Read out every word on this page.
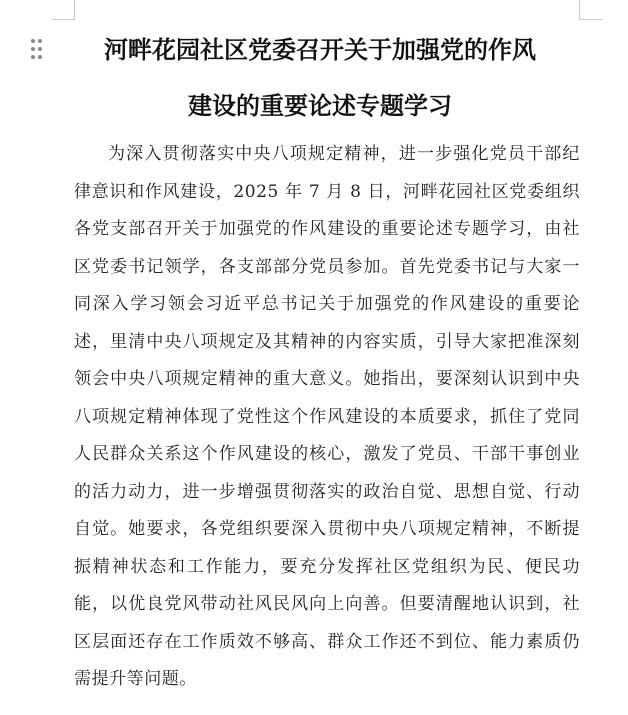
河畔花园社区党委召开关于加强党的作风
建设的重要论述专题学习

为深入贯彻落实中央八项规定精神，进一步强化党员干部纪律意识和作风建设，2025 年 7 月 8 日，河畔花园社区党委组织各党支部召开关于加强党的作风建设的重要论述专题学习，由社区党委书记领学，各支部部分党员参加。首先党委书记与大家一同深入学习领会习近平总书记关于加强党的作风建设的重要论述，里清中央八项规定及其精神的内容实质，引导大家把准深刻领会中央八项规定精神的重大意义。她指出，要深刻认识到中央八项规定精神体现了党性这个作风建设的本质要求，抓住了党同人民群众关系这个作风建设的核心，激发了党员、干部干事创业的活力动力，进一步增强贯彻落实的政治自觉、思想自觉、行动自觉。她要求，各党组织要深入贯彻中央八项规定精神，不断提振精神状态和工作能力，要充分发挥社区党组织为民、便民功能，以优良党风带动社风民风向上向善。但要清醒地认识到，社区层面还存在工作质效不够高、群众工作还不到位、能力素质仍需提升等问题。
